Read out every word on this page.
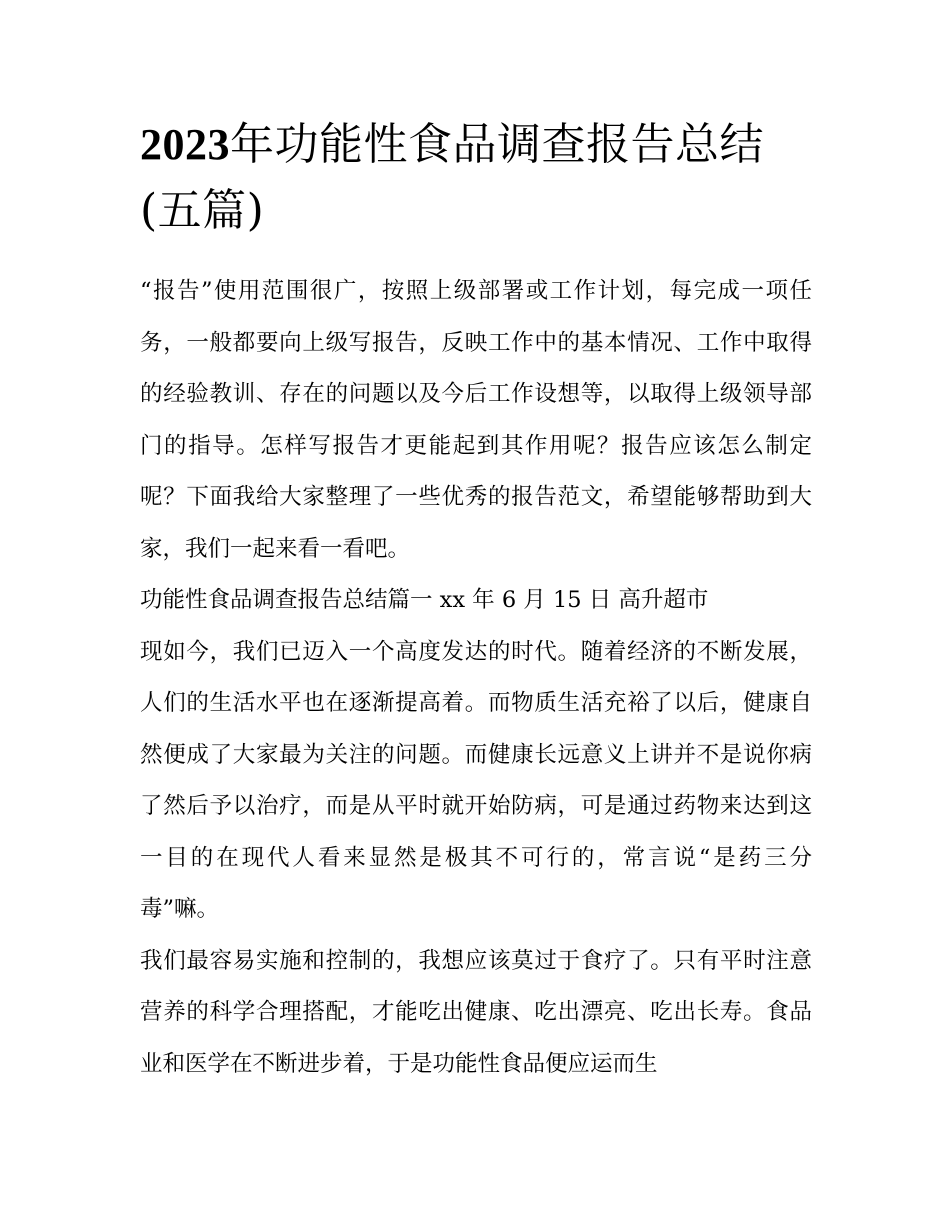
2023年功能性食品调查报告总结(五篇)

“报告”使用范围很广，按照上级部署或工作计划，每完成一项任务，一般都要向上级写报告，反映工作中的基本情况、工作中取得的经验教训、存在的问题以及今后工作设想等，以取得上级领导部门的指导。怎样写报告才更能起到其作用呢？报告应该怎么制定呢？下面我给大家整理了一些优秀的报告范文，希望能够帮助到大家，我们一起来看一看吧。

功能性食品调查报告总结篇一 xx 年 6 月 15 日 高升超市

现如今，我们已迈入一个高度发达的时代。随着经济的不断发展，人们的生活水平也在逐渐提高着。而物质生活充裕了以后，健康自然便成了大家最为关注的问题。而健康长远意义上讲并不是说你病了然后予以治疗，而是从平时就开始防病，可是通过药物来达到这一目的在现代人看来显然是极其不可行的，常言说“是药三分毒”嘛。

我们最容易实施和控制的，我想应该莫过于食疗了。只有平时注意营养的科学合理搭配，才能吃出健康、吃出漂亮、吃出长寿。食品业和医学在不断进步着，于是功能性食品便应运而生
